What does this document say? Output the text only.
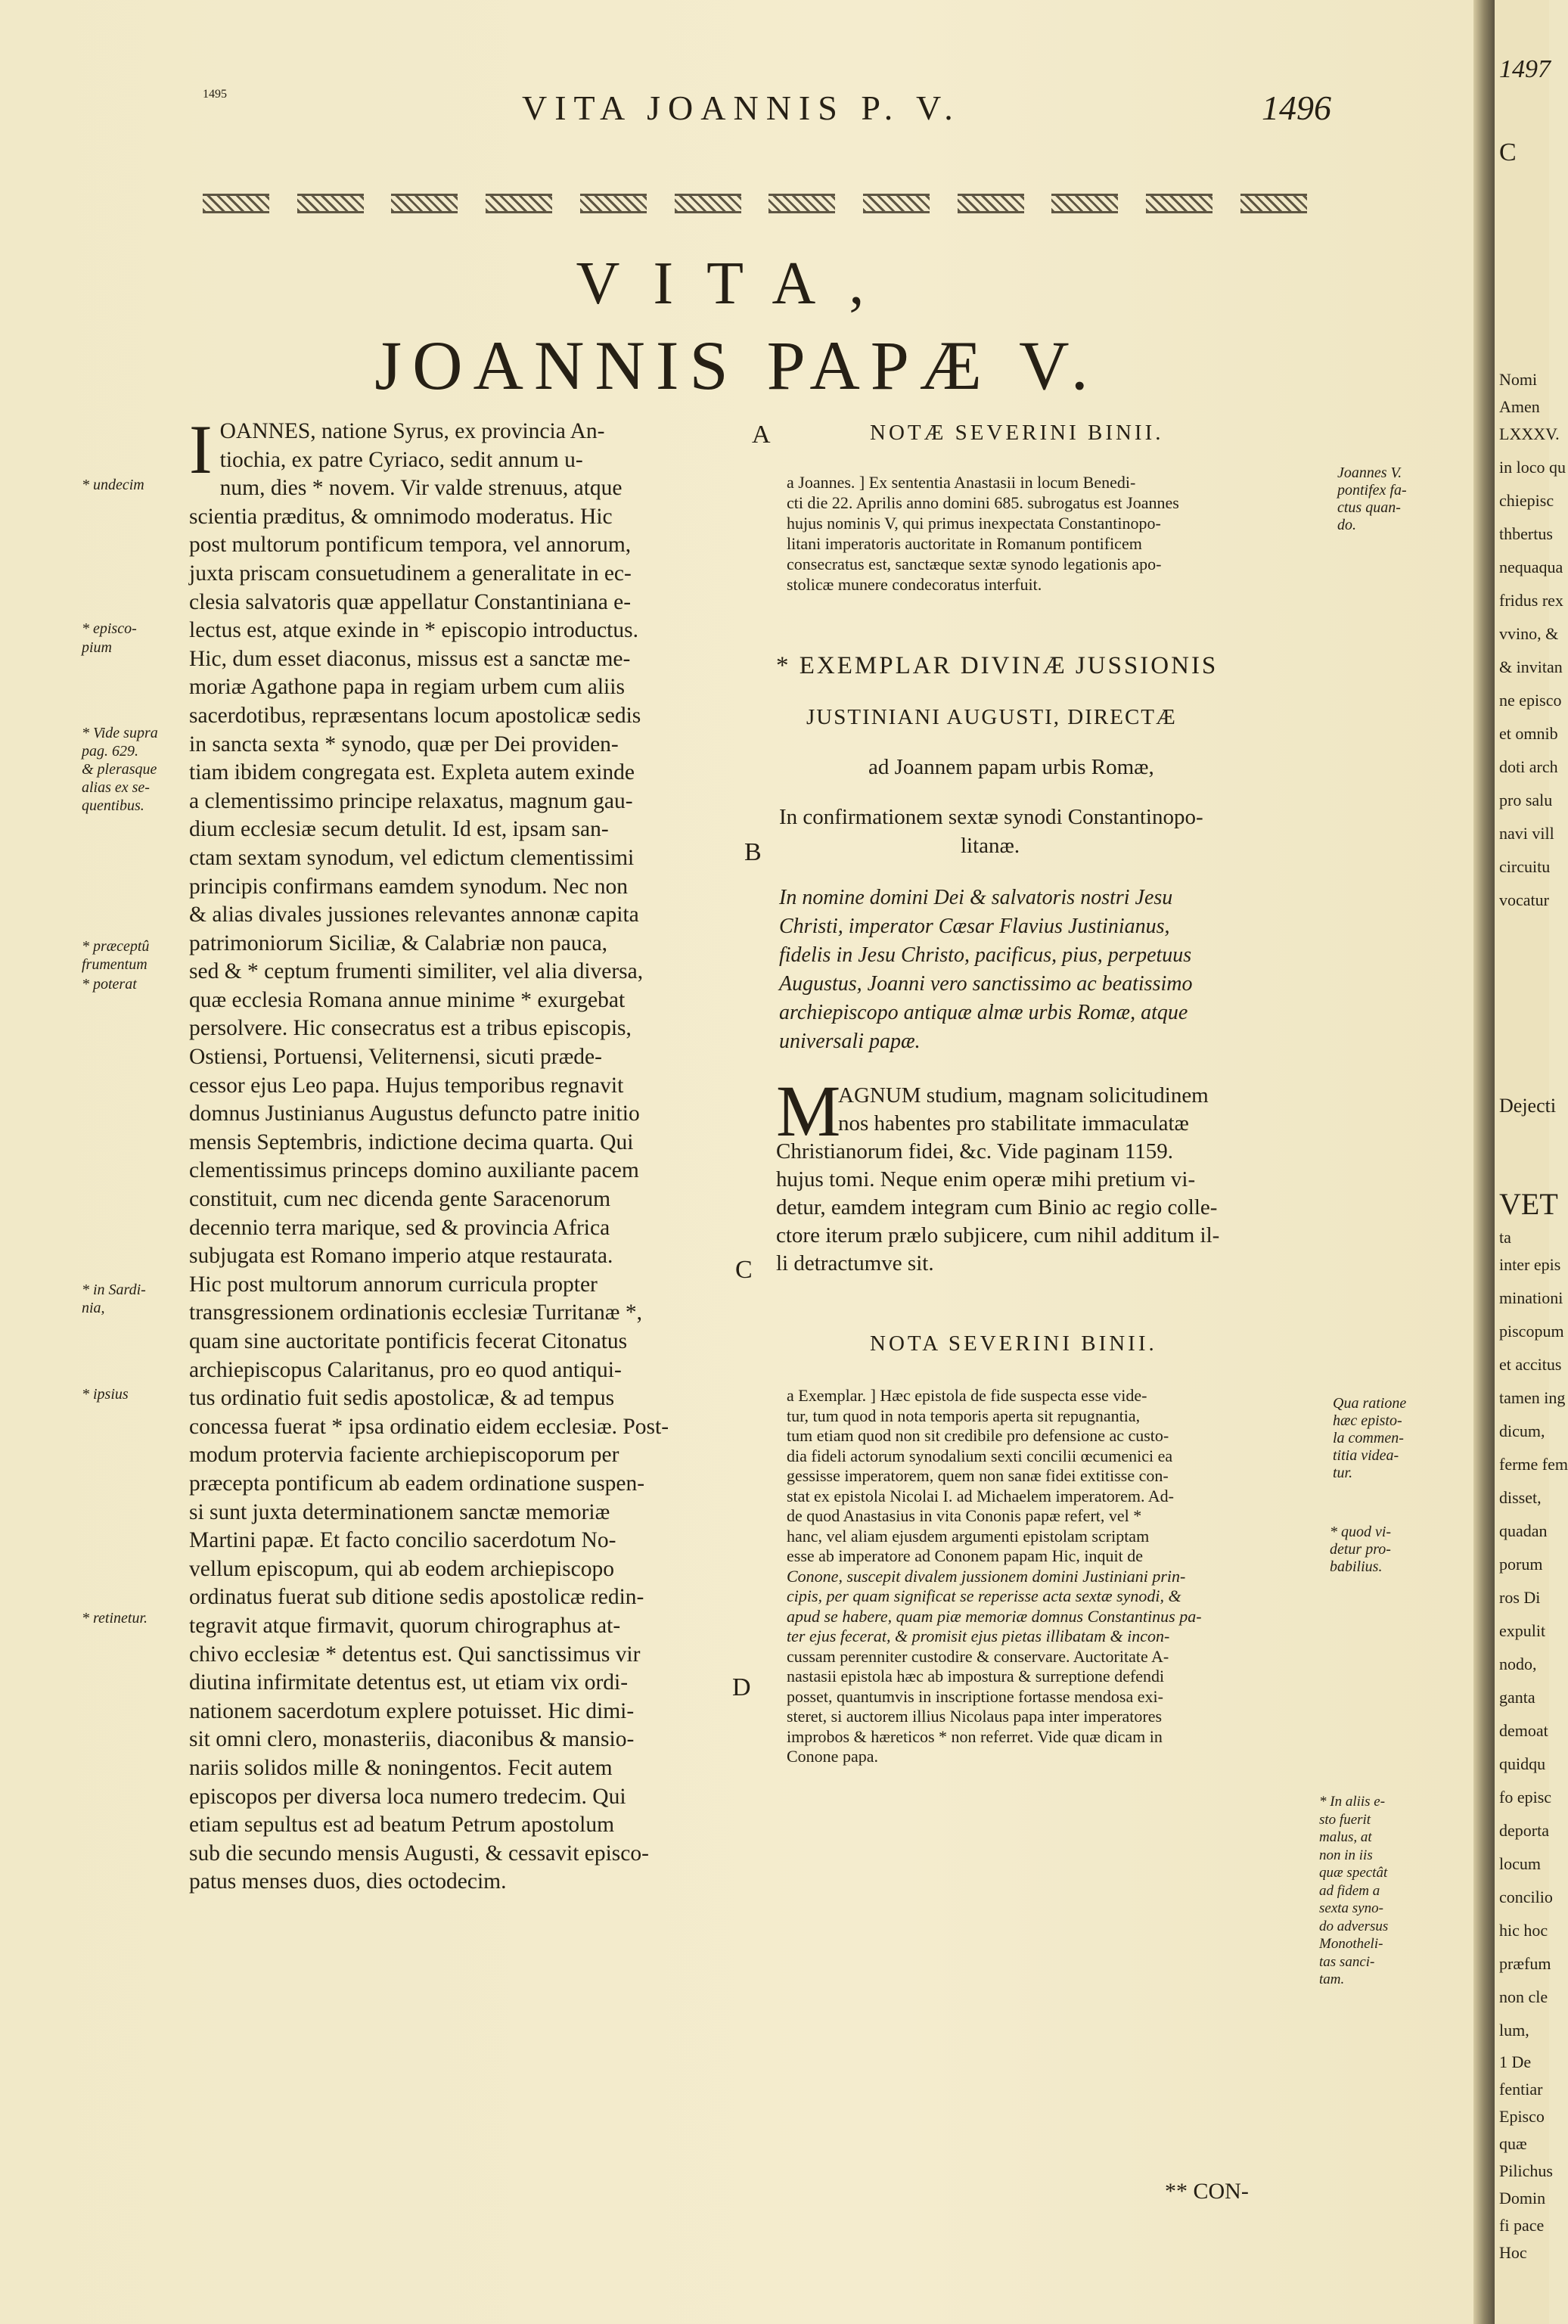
1495	VITA JOANNIS P. V.	1496
VITA,
JOANNIS PAPÆ V.
I OANNES, natione Syrus, ex provincia An-
tiochia, ex patre Cyriaco, sedit annum u-
num, dies * novem. Vir valde strenuus, atque
scientia præditus, & omnimodo moderatus. Hic
post multorum pontificum tempora, vel annorum,
juxta priscam consuetudinem a generalitate in ec-
clesia salvatoris quæ appellatur Constantiniana e-
lectus est, atque exinde in * episcopio introductus.
Hic, dum esset diaconus, missus est a sanctæ me-
moriæ Agathone papa in regiam urbem cum aliis
sacerdotibus, repræsentans locum apostolicæ sedis
in sancta sexta * synodo, quæ per Dei providen-
tiam ibidem congregata est. Expleta autem exinde
a clementissimo principe relaxatus, magnum gau-
dium ecclesiæ secum detulit. Id est, ipsam san-
ctam sextam synodum, vel edictum clementissimi
principis confirmans eamdem synodum. Nec non
& alias divales jussiones relevantes annonæ capita
patrimoniorum Siciliæ, & Calabriæ non pauca,
sed & * ceptum frumenti similiter, vel alia diversa,
quæ ecclesia Romana annue minime * exurgebat
persolvere. Hic consecratus est a tribus episcopis,
Ostiensi, Portuensi, Veliternensi, sicuti præde-
cessor ejus Leo papa. Hujus temporibus regnavit
domnus Justinianus Augustus defuncto patre initio
mensis Septembris, indictione decima quarta. Qui
clementissimus princeps domino auxiliante pacem
constituit, cum nec dicenda gente Saracenorum
decennio terra marique, sed & provincia Africa
subjugata est Romano imperio atque restaurata.
Hic post multorum annorum curricula propter
transgressionem ordinationis ecclesiæ Turritanæ *,
quam sine auctoritate pontificis fecerat Citonatus
archiepiscopus Calaritanus, pro eo quod antiqui-
tus ordinatio fuit sedis apostolicæ, & ad tempus
concessa fuerat * ipsa ordinatio eidem ecclesiæ. Post-
modum protervia faciente archiepiscoporum per
præcepta pontificum ab eadem ordinatione suspen-
si sunt juxta determinationem sanctæ memoriæ
Martini papæ. Et facto concilio sacerdotum No-
vellum episcopum, qui ab eodem archiepiscopo
ordinatus fuerat sub ditione sedis apostolicæ redin-
tegravit atque firmavit, quorum chirographus at-
chivo ecclesiæ * detentus est. Qui sanctissimus vir
diutina infirmitate detentus est, ut etiam vix ordi-
nationem sacerdotum explere potuisset. Hic dimi-
sit omni clero, monasteriis, diaconibus & mansio-
nariis solidos mille & noningentos. Fecit autem
episcopos per diversa loca numero tredecim. Qui
etiam sepultus est ad beatum Petrum apostolum
sub die secundo mensis Augusti, & cessavit episco-
patus menses duos, dies octodecim.
* undecim
* episco-
pium
* Vide supra
pag. 629.
& plerasque
alias ex se-
quentibus.
* præceptû
frumentum
* poterat
* in Sardi-
nia,
* ipsius
* retinetur.
A
B
C
D
NOTÆ SEVERINI BINII.
a Joannes. ] Ex sententia Anastasii in locum Benedi-
cti die 22. Aprilis anno domini 685. subrogatus est Joannes
hujus nominis V, qui primus inexpectata Constantinopo-
litani imperatoris auctoritate in Romanum pontificem
consecratus est, sanctæque sextæ synodo legationis apo-
stolicæ munere condecoratus interfuit.
Joannes V.
pontifex fa-
ctus quan-
do.
* EXEMPLAR DIVINÆ JUSSIONIS
JUSTINIANI AUGUSTI, DIRECTÆ
ad Joannem papam urbis Romæ,
In confirmationem sextæ synodi Constantinopo-
litanæ.
In nomine domini Dei & salvatoris nostri Jesu
Christi, imperator Cæsar Flavius Justinianus,
fidelis in Jesu Christo, pacificus, pius, perpetuus
Augustus, Joanni vero sanctissimo ac beatissimo
archiepiscopo antiquæ almæ urbis Romæ, atque
universali papæ.
M
AGNUM studium, magnam solicitudinem
nos habentes pro stabilitate immaculatæ
Christianorum fidei, &c. Vide paginam 1159.
hujus tomi. Neque enim operæ mihi pretium vi-
detur, eamdem integram cum Binio ac regio colle-
ctore iterum prælo subjicere, cum nihil additum il-
li detractumve sit.
NOTA SEVERINI BINII.
a Exemplar. ] Hæc epistola de fide suspecta esse vide-
tur, tum quod in nota temporis aperta sit repugnantia,
tum etiam quod non sit credibile pro defensione ac custo-
dia fideli actorum synodalium sexti concilii œcumenici ea
gessisse imperatorem, quem non sanæ fidei extitisse con-
stat ex epistola Nicolai I. ad Michaelem imperatorem. Ad-
de quod Anastasius in vita Cononis papæ refert, vel *
hanc, vel aliam ejusdem argumenti epistolam scriptam
esse ab imperatore ad Cononem papam Hic, inquit de
Conone, suscepit divalem jussionem domini Justiniani prin-
cipis, per quam significat se reperisse acta sextæ synodi, &
apud se habere, quam piæ memoriæ domnus Constantinus pa-
ter ejus fecerat, & promisit ejus pietas illibatam & incon-
cussam perenniter custodire & conservare. Auctoritate A-
nastasii epistola hæc ab impostura & surreptione defendi
posset, quantumvis in inscriptione fortasse mendosa exi-
steret, si auctorem illius Nicolaus papa inter imperatores
improbos & hæreticos * non referret. Vide quæ dicam in
Conone papa.
Qua ratione
hæc episto-
la commen-
titia videa-
tur.
* quod vi-
detur pro-
babilius.
* In aliis e-
sto fuerit
malus, at
non in iis
quæ spectât
ad fidem a
sexta syno-
do adversus
Monotheli-
tas sanci-
tam.
** CON-
1497
C
Nomi
Amen
LXXXV.
in loco qu
chiepisc
thbertus
nequaqua
fridus rex
vvino, &
& invitan
ne episco
et omnib
doti arch
pro salu
navi vill
circuitu
vocatur
Dejecti
VET
ta
inter epis
minationi
piscopum
et accitus
tamen ing
dicum,
ferme fem
disset,
quadan
porum
ros Di
expulit
nodo,
ganta
demoat
quidqu
fo episc
deporta
locum
concilio
hic hoc
præfum
non cle
lum,
1 De
fentiar
Episco
quæ
Pilichus
Domin
fi pace
Hoc
